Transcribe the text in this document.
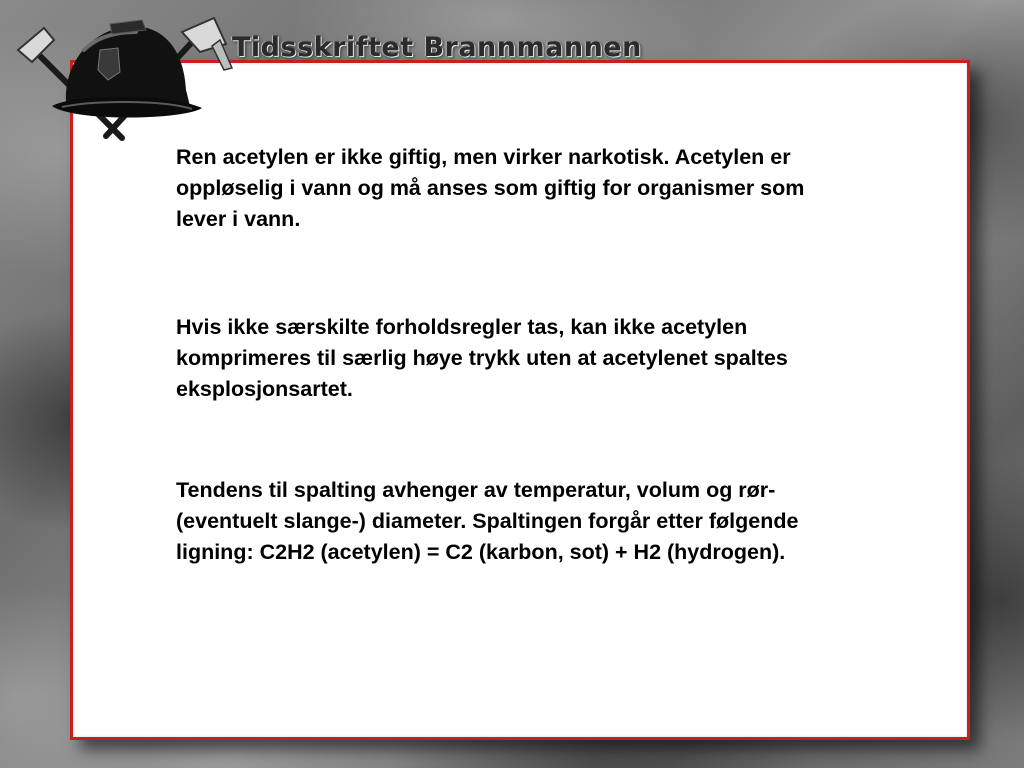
Tidsskriftet Brannmannen

Ren acetylen er ikke giftig, men virker narkotisk. Acetylen er oppløselig i vann og må anses som giftig for organismer som lever i vann.

Hvis ikke særskilte forholdsregler tas, kan ikke acetylen komprimeres til særlig høye trykk uten at acetylenet spaltes eksplosjonsartet.

Tendens til spalting avhenger av temperatur, volum og rør- (eventuelt slange-) diameter. Spaltingen forgår etter følgende ligning: C2H2 (acetylen) = C2 (karbon, sot) + H2 (hydrogen).
